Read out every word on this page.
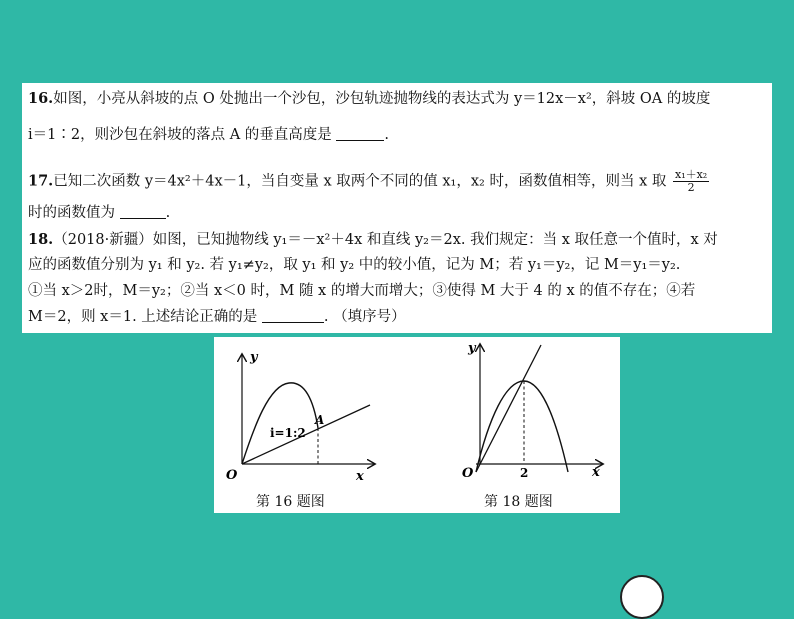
16.如图，小亮从斜坡的点 O 处抛出一个沙包，沙包轨迹抛物线的表达式为 y＝12x－x²，斜坡 OA 的坡度
i＝1∶2，则沙包在斜坡的落点 A 的垂直高度是	.
17.已知二次函数 y＝4x²＋4x－1，当自变量 x 取两个不同的值 x₁，x₂ 时，函数值相等，则当 x 取 $\frac{\text{x₁＋x₂}}{2}$
时的函数值为	.
18.（2018·新疆）如图，已知抛物线 y₁＝－x²＋4x 和直线 y₂＝2x. 我们规定：当 x 取任意一个值时，x 对
应的函数值分别为 y₁ 和 y₂. 若 y₁≠y₂，取 y₁ 和 y₂ 中的较小值，记为 M；若 y₁＝y₂，记 M＝y₁＝y₂.
①当 x＞2时，M＝y₂；②当 x＜0 时，M 随 x 的增大而增大；③使得 M 大于 4 的 x 的值不存在；④若
M＝2，则 x＝1. 上述结论正确的是	. （填序号）
y
x
O
A
i=1:2
y
x
O	2
第 16 题图	第 18 题图
